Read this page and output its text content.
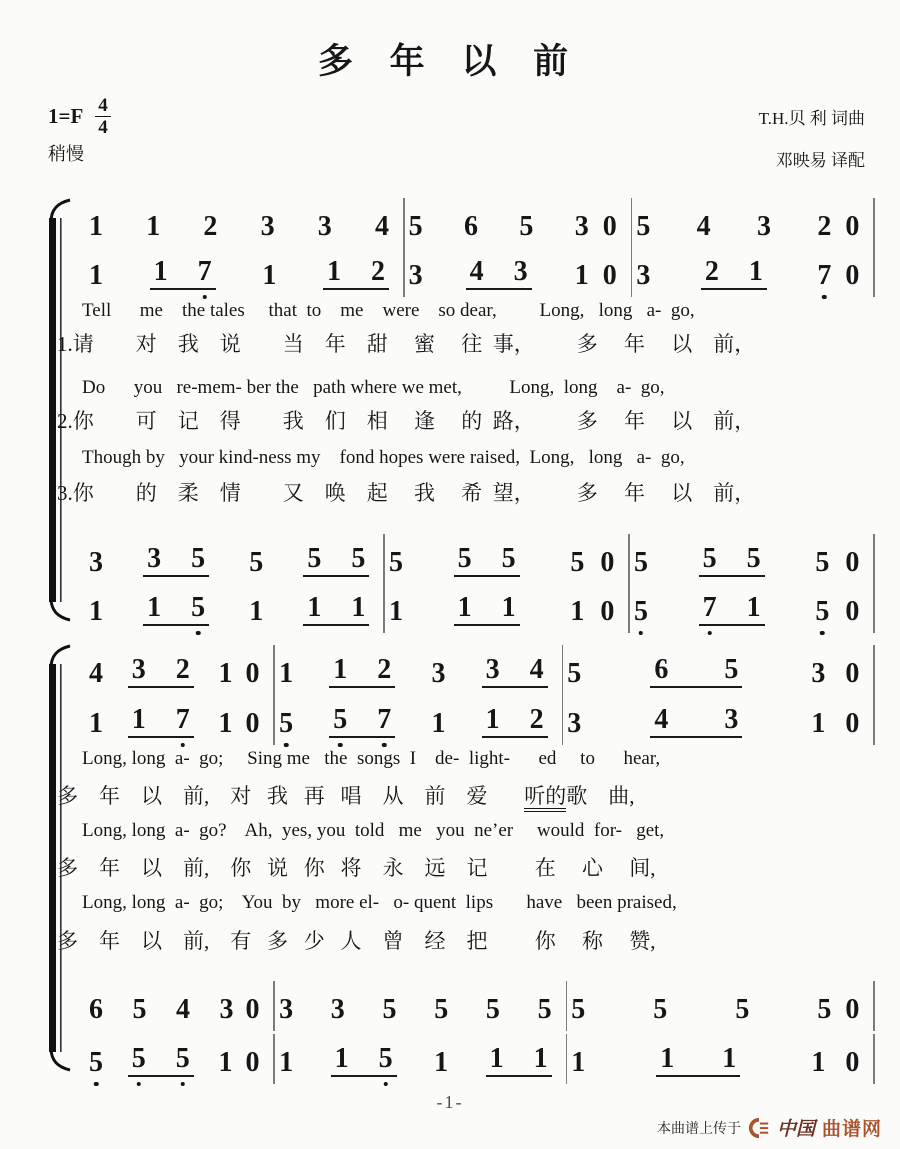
多 年 以 前
$1=F \frac{4}{4}$
稍慢
T.H.贝 利 词曲
邓映易 译配
1 1 2 3 3 4 5 6 5 3 0 5 4 3 2 0
1 1 7 1 1 2 3 4 3 1 0 3 2 1 7 0
Tell      me    the tales     that  to    me    were    so dear,         Long,   long   a-  go,
1.请        对    我    说        当    年    甜     蜜     往  事，        多     年     以    前，
Do      you   re-mem- ber the   path where we met,          Long,  long    a-  go,
2.你        可    记    得        我    们    相     逢     的  路，        多     年     以    前，
Though by   your kind-ness my    fond hopes were raised,  Long,   long   a-  go,
3.你        的    柔    情        又    唤    起     我     希  望，        多     年     以    前，
3 3 5 5 5 5 5 5 5 5 0 5 5 5 5 0
1 1 5 1 1 1 1 1 1 1 0 5 7 1 5 0
4 3 2 1 0 1 1 2 3 3 4 5	6 5	3 0
1 1 7 1 0 5 5 7 1 1 2 3	4 3	1 0
Long, long  a-  go;     Sing me   the  songs  I    de-  light-      ed     to      hear,
多    年    以    前,    对   我   再   唱    从    前    爱       听的歌    曲,
Long, long  a-  go?    Ah,  yes, you  told   me   you  ne’er     would  for-   get,
多    年    以    前,    你   说   你   将    永    远    记         在     心     间,
Long, long  a-  go;    You  by   more el-   o- quent  lips       have   been praised,
多    年    以    前,    有   多   少   人    曾    经    把         你     称     赞,
6 5 4 3 0 3 3 5 5 5 5 5 5 5 5 0
5 5 5 1 0 1 1 5 1 1 1 1	1 1	1 0
-1-
本曲谱上传于 中国 曲谱网
